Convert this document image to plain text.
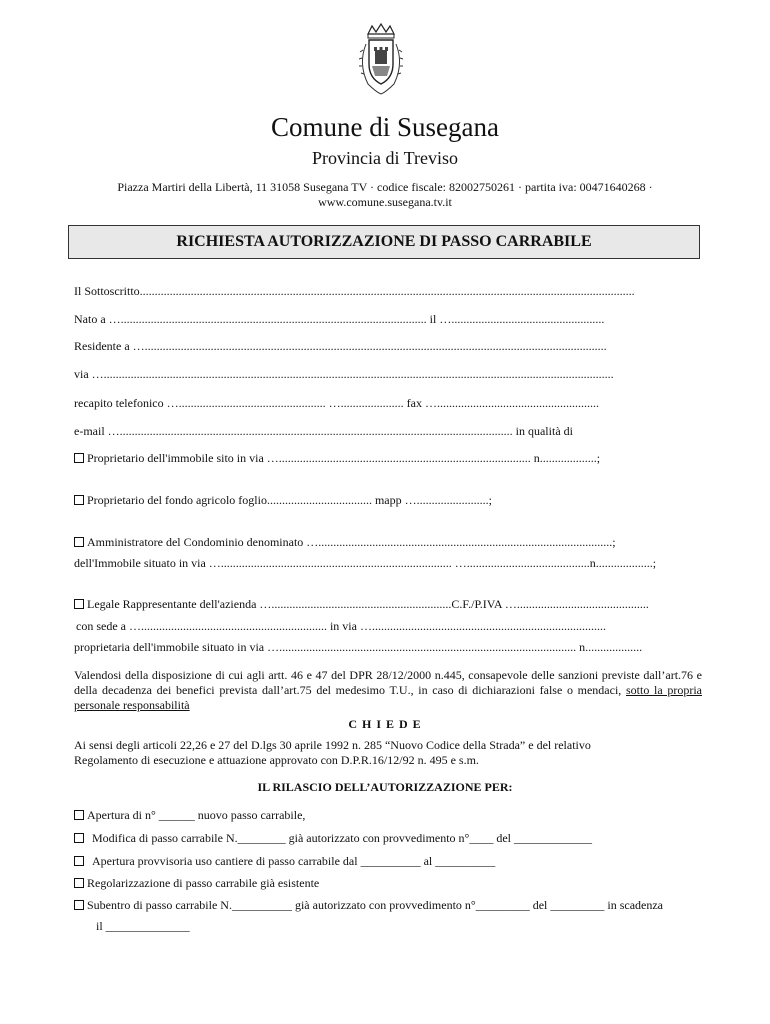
Comune di Susegana
Provincia di Treviso
Piazza Martiri della Libertà, 11 31058 Susegana TV · codice fiscale: 82002750261 · partita iva: 00471640268 ·
www.comune.susegana.tv.it
RICHIESTA AUTORIZZAZIONE DI PASSO CARRABILE
Il Sottoscritto.....................................................................................................................................................................
Nato a …...................................................................................................... il …...................................................
Residente a …..........................................................................................................................................................
via …..........................................................................................................................................................................
recapito telefonico …................................................. …..................... fax …......................................................
e-mail …................................................................................................................................... in qualità di
Proprietario dell'immobile sito in via ….................................................................................... n...................;
Proprietario del fondo agricolo foglio................................... mapp …........................;
Amministratore del Condominio denominato …..................................................................................................;
dell'Immobile situato in via …............................................................................. ….........................................n...................;
Legale Rappresentante dell'azienda …............................................................C.F./P.IVA …............................................
con sede a ….............................................................. in via …..............................................................................
proprietaria dell'immobile situato in via …................................................................................................... n...................
Valendosi della disposizione di cui agli artt. 46 e 47 del DPR 28/12/2000 n.445, consapevole delle sanzioni previste dall’art.76 e della decadenza dei benefici prevista dall’art.75 del medesimo T.U., in caso di dichiarazioni false o mendaci, sotto la propria personale responsabilità
C H I E D E
Ai sensi degli articoli 22,26 e 27 del D.lgs 30 aprile 1992 n. 285 “Nuovo Codice della Strada” e del relativo
Regolamento di esecuzione e attuazione approvato con D.P.R.16/12/92 n. 495 e s.m.
IL RILASCIO DELL’AUTORIZZAZIONE PER:
Apertura di n° ______ nuovo passo carrabile,
Modifica di passo carrabile N.________ già autorizzato con provvedimento n°____ del _____________
Apertura provvisoria uso cantiere di passo carrabile dal __________ al __________
Regolarizzazione di passo carrabile già esistente
Subentro di passo carrabile N.__________ già autorizzato con provvedimento n°_________ del _________ in scadenza
il ______________
